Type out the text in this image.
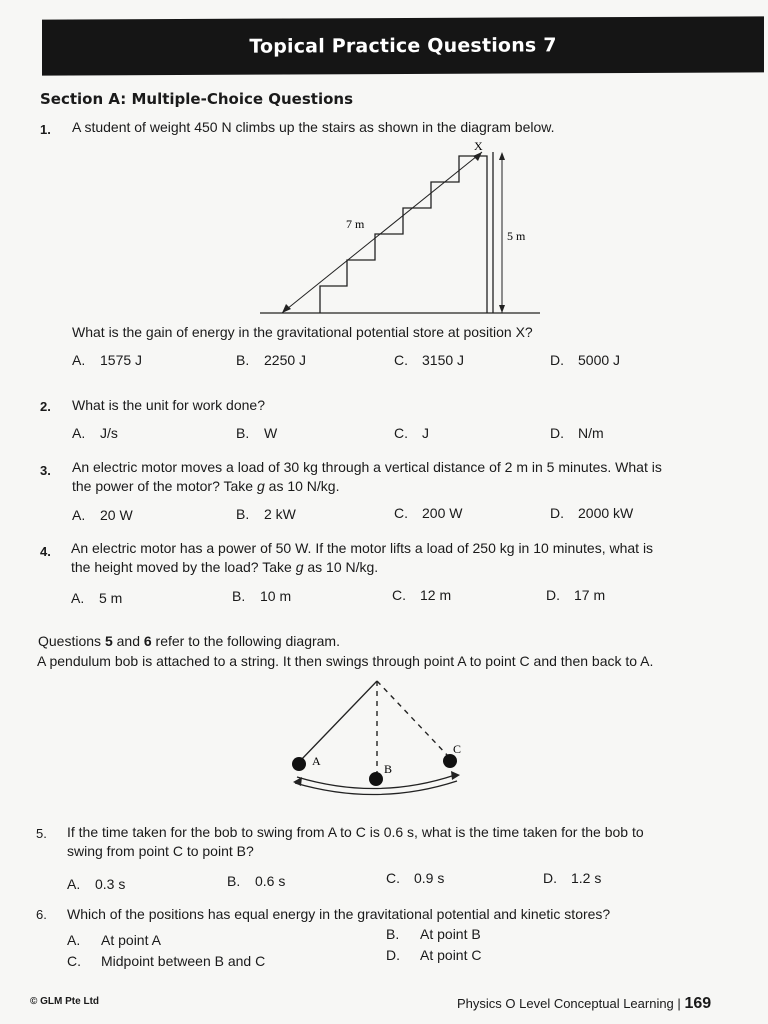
Topical Practice Questions 7
Section A: Multiple-Choice Questions
1. A student of weight 450 N climbs up the stairs as shown in the diagram below.
X
7 m
5 m
What is the gain of energy in the gravitational potential store at position X?
A. 1575 J	B. 2250 J	C. 3150 J	D. 5000 J
2. What is the unit for work done?
A. J/s	B. W	C. J	D. N/m
3. An electric motor moves a load of 30 kg through a vertical distance of 2 m in 5 minutes. What is
the power of the motor? Take g as 10 N/kg.
A. 20 W	B. 2 kW	C. 200 W	D. 2000 kW
4. An electric motor has a power of 50 W. If the motor lifts a load of 250 kg in 10 minutes, what is
the height moved by the load? Take g as 10 N/kg.
A. 5 m	B. 10 m	C. 12 m	D. 17 m
Questions 5 and 6 refer to the following diagram.
A pendulum bob is attached to a string. It then swings through point A to point C and then back to A.
A
B
C
5. If the time taken for the bob to swing from A to C is 0.6 s, what is the time taken for the bob to
swing from point C to point B?
A. 0.3 s	B. 0.6 s	C. 0.9 s	D. 1.2 s
6. Which of the positions has equal energy in the gravitational potential and kinetic stores?
A. At point A	B. At point B
C. Midpoint between B and C	D. At point C
© GLM Pte Ltd	Physics O Level Conceptual Learning | 169
